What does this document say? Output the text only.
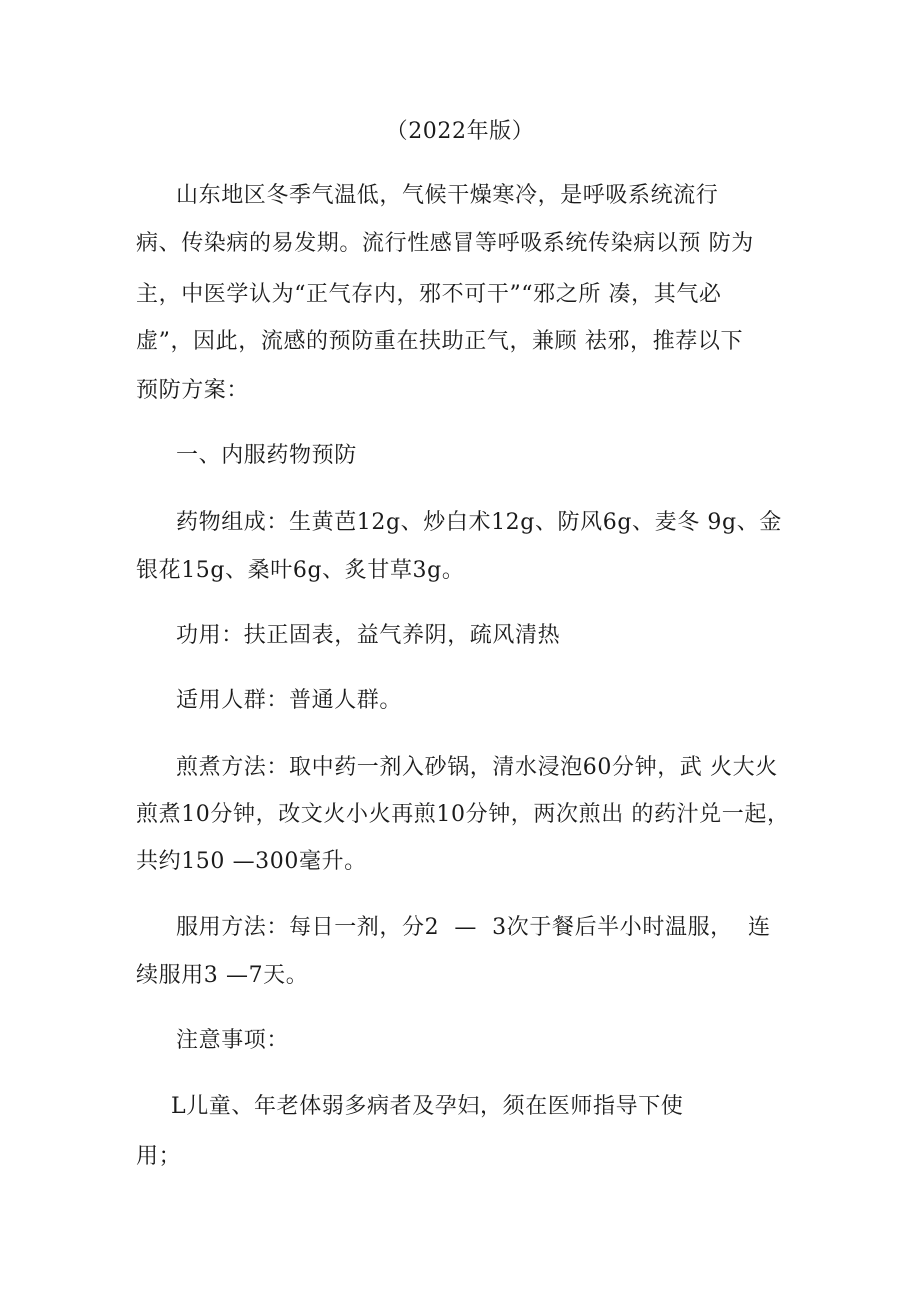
（2022年版）
山东地区冬季气温低，气候干燥寒冷，是呼吸系统流行
病、传染病的易发期。流行性感冒等呼吸系统传染病以预 防为
主，中医学认为“正气存内，邪不可干”“邪之所 凑，其气必
虚”，因此，流感的预防重在扶助正气，兼顾 祛邪，推荐以下
预防方案：
一、内服药物预防
药物组成：生黄芭12g、炒白术12g、防风6g、麦冬 9g、金
银花15g、桑叶6g、炙甘草3g。
功用：扶正固表，益气养阴，疏风清热
适用人群：普通人群。
煎煮方法：取中药一剂入砂锅，清水浸泡60分钟，武 火大火
煎煮10分钟，改文火小火再煎10分钟，两次煎出 的药汁兑一起，
共约150 —300毫升。
服用方法：每日一剂，分2  —  3次于餐后半小时温服，  连
续服用3 —7天。
注意事项：
L儿童、年老体弱多病者及孕妇，须在医师指导下使
用；
